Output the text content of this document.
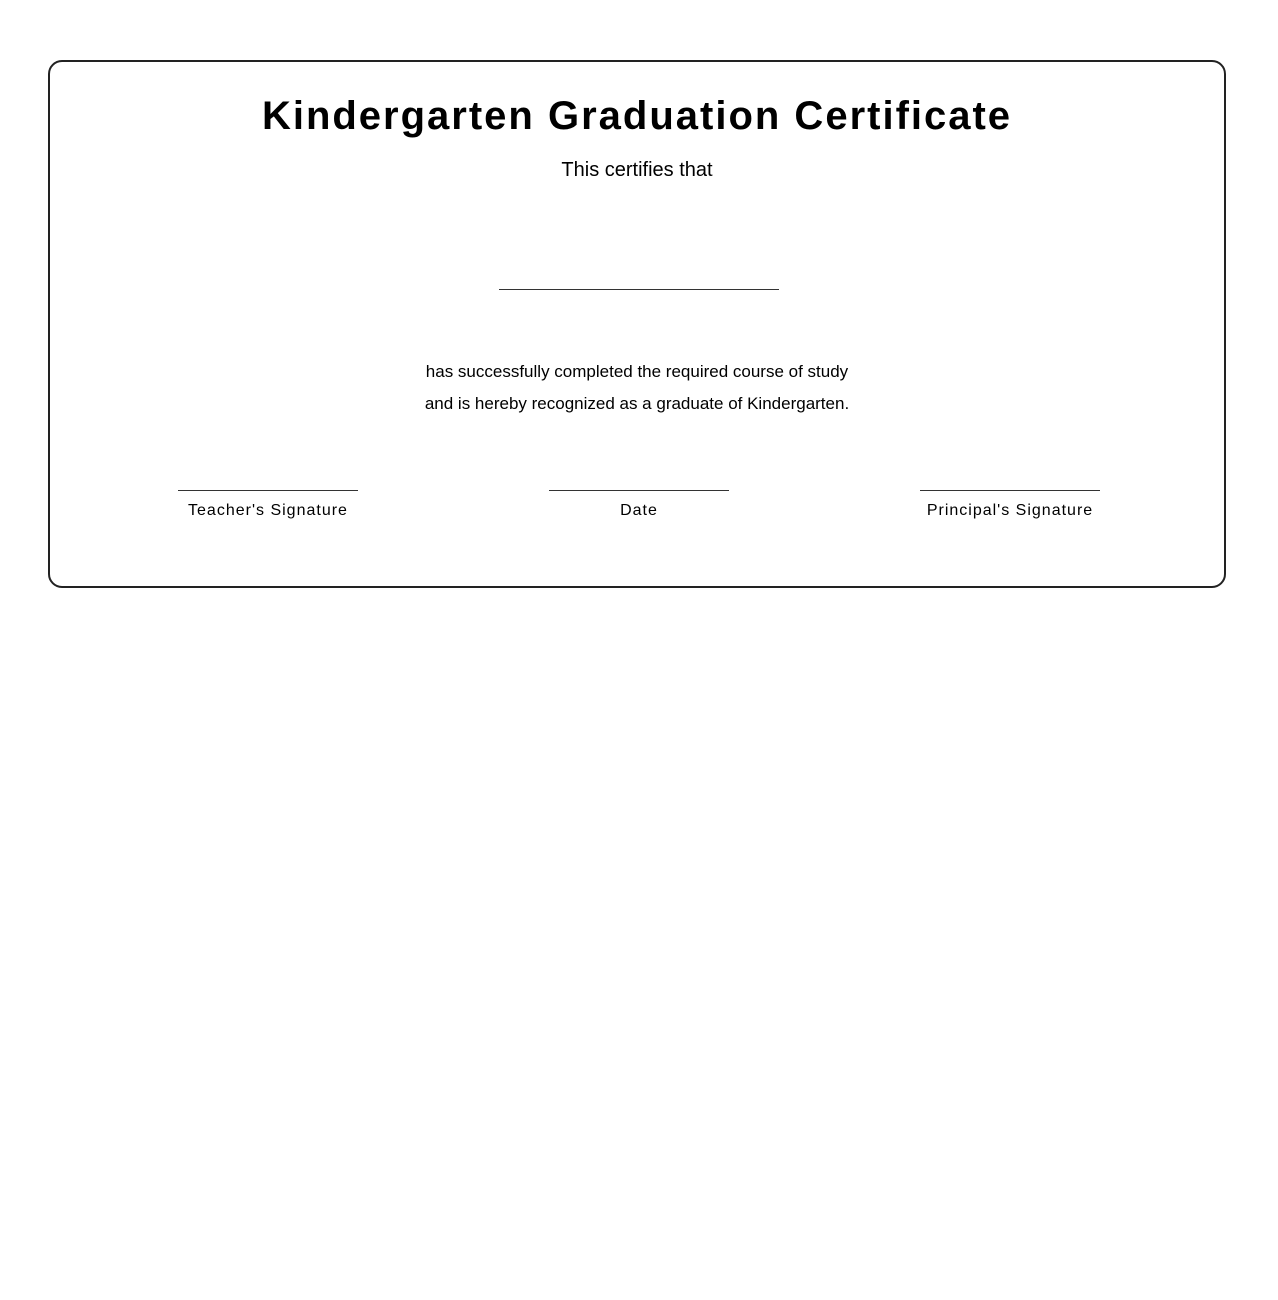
Kindergarten Graduation Certificate

This certifies that

has successfully completed the required course of study
and is hereby recognized as a graduate of Kindergarten.

Teacher's Signature	Date	Principal's Signature
